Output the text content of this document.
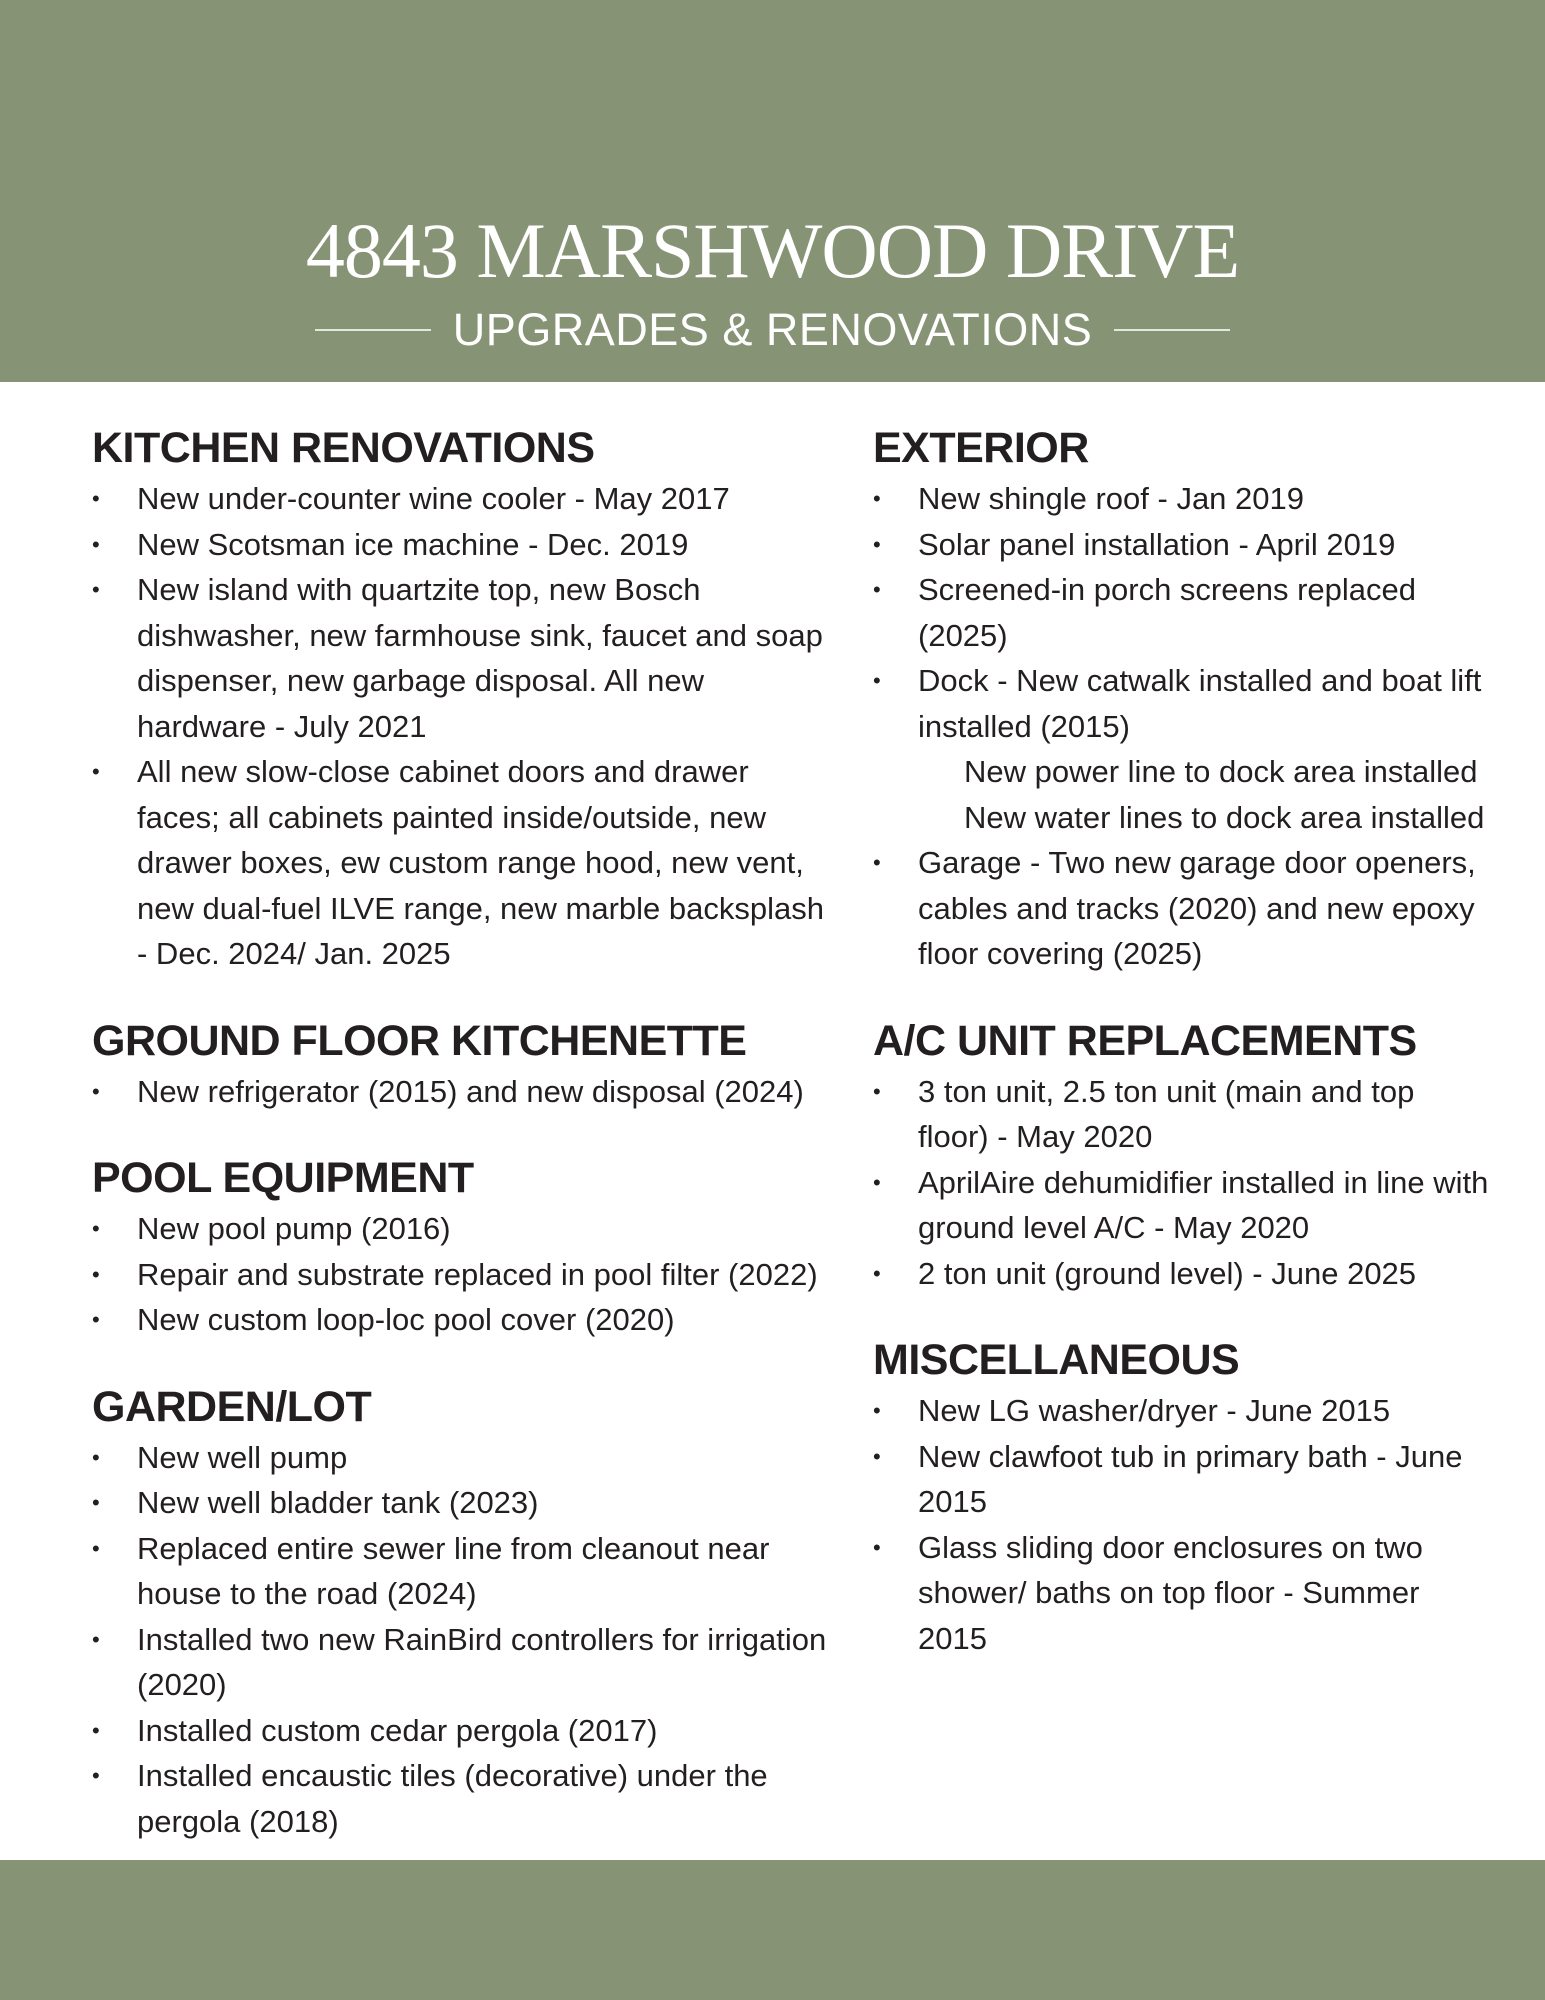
4843 MARSHWOOD DRIVE
UPGRADES & RENOVATIONS
KITCHEN RENOVATIONS
• New under-counter wine cooler - May 2017
• New Scotsman ice machine - Dec. 2019
• New island with quartzite top, new Bosch dishwasher, new farmhouse sink, faucet and soap dispenser, new garbage disposal. All new hardware - July 2021
• All new slow-close cabinet doors and drawer faces; all cabinets painted inside/outside, new drawer boxes, ew custom range hood, new vent, new dual-fuel ILVE range, new marble backsplash - Dec. 2024/ Jan. 2025
GROUND FLOOR KITCHENETTE
• New refrigerator (2015) and new disposal (2024)
POOL EQUIPMENT
• New pool pump (2016)
• Repair and substrate replaced in pool filter (2022)
• New custom loop-loc pool cover (2020)
GARDEN/LOT
• New well pump
• New well bladder tank (2023)
• Replaced entire sewer line from cleanout near house to the road (2024)
• Installed two new RainBird controllers for irrigation (2020)
• Installed custom cedar pergola (2017)
• Installed encaustic tiles (decorative) under the pergola (2018)
EXTERIOR
• New shingle roof - Jan 2019
• Solar panel installation - April 2019
• Screened-in porch screens replaced (2025)
• Dock - New catwalk installed and boat lift installed (2015)
New power line to dock area installed
New water lines to dock area installed
• Garage - Two new garage door openers, cables and tracks (2020) and new epoxy floor covering (2025)
A/C UNIT REPLACEMENTS
• 3 ton unit, 2.5 ton unit (main and top floor) - May 2020
• AprilAire dehumidifier installed in line with ground level A/C - May 2020
• 2 ton unit (ground level) - June 2025
MISCELLANEOUS
• New LG washer/dryer - June 2015
• New clawfoot tub in primary bath - June 2015
• Glass sliding door enclosures on two shower/ baths on top floor - Summer 2015
